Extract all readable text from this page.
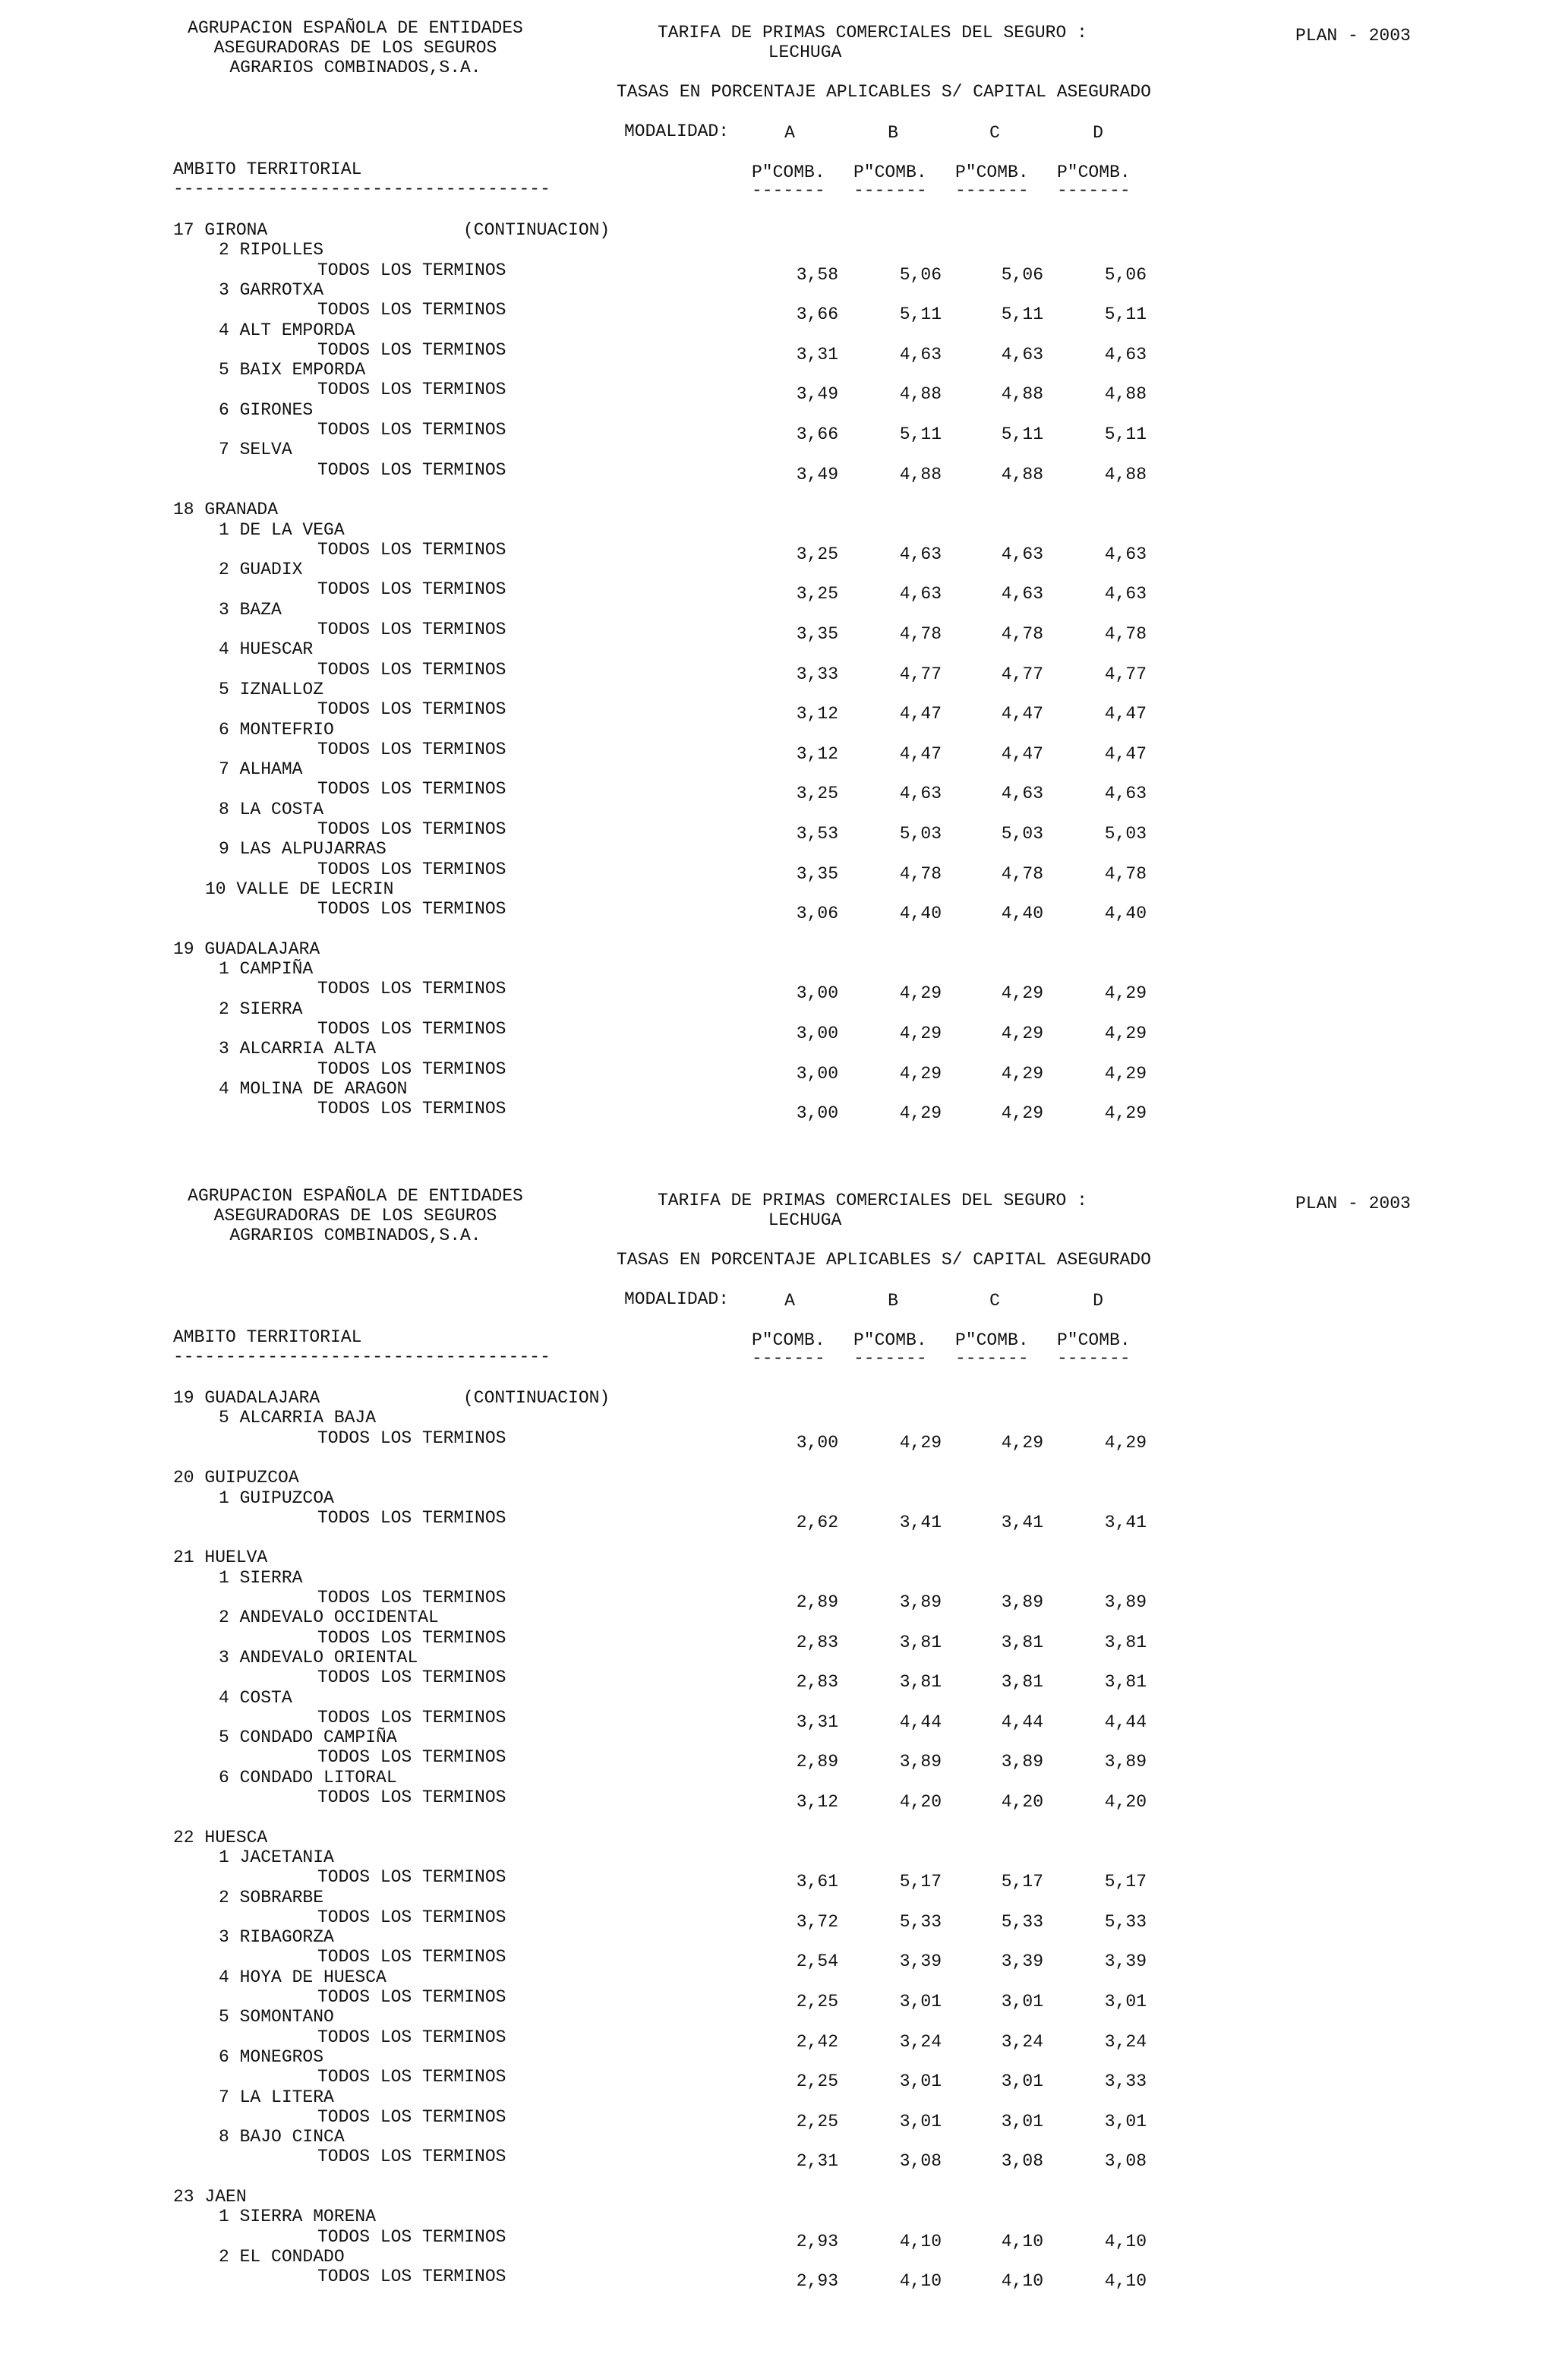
AGRUPACION ESPAÑOLA DE ENTIDADES
ASEGURADORAS DE LOS SEGUROS
AGRARIOS COMBINADOS,S.A.
TARIFA DE PRIMAS COMERCIALES DEL SEGURO :
LECHUGA
PLAN - 2003
TASAS EN PORCENTAJE APLICABLES S/ CAPITAL ASEGURADO
MODALIDAD:	A	B	C	D
AMBITO TERRITORIAL
------------------------------------
P"COMB. P"COMB. P"COMB. P"COMB.
------- ------- ------- -------
17 GIRONA	(CONTINUACION)
2 RIPOLLES
TODOS LOS TERMINOS	3,58	5,06	5,06	5,06
3 GARROTXA
TODOS LOS TERMINOS	3,66	5,11	5,11	5,11
4 ALT EMPORDA
TODOS LOS TERMINOS	3,31	4,63	4,63	4,63
5 BAIX EMPORDA
TODOS LOS TERMINOS	3,49	4,88	4,88	4,88
6 GIRONES
TODOS LOS TERMINOS	3,66	5,11	5,11	5,11
7 SELVA
TODOS LOS TERMINOS	3,49	4,88	4,88	4,88
18 GRANADA
1 DE LA VEGA
TODOS LOS TERMINOS	3,25	4,63	4,63	4,63
2 GUADIX
TODOS LOS TERMINOS	3,25	4,63	4,63	4,63
3 BAZA
TODOS LOS TERMINOS	3,35	4,78	4,78	4,78
4 HUESCAR
TODOS LOS TERMINOS	3,33	4,77	4,77	4,77
5 IZNALLOZ
TODOS LOS TERMINOS	3,12	4,47	4,47	4,47
6 MONTEFRIO
TODOS LOS TERMINOS	3,12	4,47	4,47	4,47
7 ALHAMA
TODOS LOS TERMINOS	3,25	4,63	4,63	4,63
8 LA COSTA
TODOS LOS TERMINOS	3,53	5,03	5,03	5,03
9 LAS ALPUJARRAS
TODOS LOS TERMINOS	3,35	4,78	4,78	4,78
10 VALLE DE LECRIN
TODOS LOS TERMINOS	3,06	4,40	4,40	4,40
19 GUADALAJARA
1 CAMPIÑA
TODOS LOS TERMINOS	3,00	4,29	4,29	4,29
2 SIERRA
TODOS LOS TERMINOS	3,00	4,29	4,29	4,29
3 ALCARRIA ALTA
TODOS LOS TERMINOS	3,00	4,29	4,29	4,29
4 MOLINA DE ARAGON
TODOS LOS TERMINOS	3,00	4,29	4,29	4,29
AGRUPACION ESPAÑOLA DE ENTIDADES
ASEGURADORAS DE LOS SEGUROS
AGRARIOS COMBINADOS,S.A.
TARIFA DE PRIMAS COMERCIALES DEL SEGURO :
LECHUGA
PLAN - 2003
TASAS EN PORCENTAJE APLICABLES S/ CAPITAL ASEGURADO
MODALIDAD:	A	B	C	D
AMBITO TERRITORIAL
------------------------------------
P"COMB. P"COMB. P"COMB. P"COMB.
------- ------- ------- -------
19 GUADALAJARA	(CONTINUACION)
5 ALCARRIA BAJA
TODOS LOS TERMINOS	3,00	4,29	4,29	4,29
20 GUIPUZCOA
1 GUIPUZCOA
TODOS LOS TERMINOS	2,62	3,41	3,41	3,41
21 HUELVA
1 SIERRA
TODOS LOS TERMINOS	2,89	3,89	3,89	3,89
2 ANDEVALO OCCIDENTAL
TODOS LOS TERMINOS	2,83	3,81	3,81	3,81
3 ANDEVALO ORIENTAL
TODOS LOS TERMINOS	2,83	3,81	3,81	3,81
4 COSTA
TODOS LOS TERMINOS	3,31	4,44	4,44	4,44
5 CONDADO CAMPIÑA
TODOS LOS TERMINOS	2,89	3,89	3,89	3,89
6 CONDADO LITORAL
TODOS LOS TERMINOS	3,12	4,20	4,20	4,20
22 HUESCA
1 JACETANIA
TODOS LOS TERMINOS	3,61	5,17	5,17	5,17
2 SOBRARBE
TODOS LOS TERMINOS	3,72	5,33	5,33	5,33
3 RIBAGORZA
TODOS LOS TERMINOS	2,54	3,39	3,39	3,39
4 HOYA DE HUESCA
TODOS LOS TERMINOS	2,25	3,01	3,01	3,01
5 SOMONTANO
TODOS LOS TERMINOS	2,42	3,24	3,24	3,24
6 MONEGROS
TODOS LOS TERMINOS	2,25	3,01	3,01	3,33
7 LA LITERA
TODOS LOS TERMINOS	2,25	3,01	3,01	3,01
8 BAJO CINCA
TODOS LOS TERMINOS	2,31	3,08	3,08	3,08
23 JAEN
1 SIERRA MORENA
TODOS LOS TERMINOS	2,93	4,10	4,10	4,10
2 EL CONDADO
TODOS LOS TERMINOS	2,93	4,10	4,10	4,10
